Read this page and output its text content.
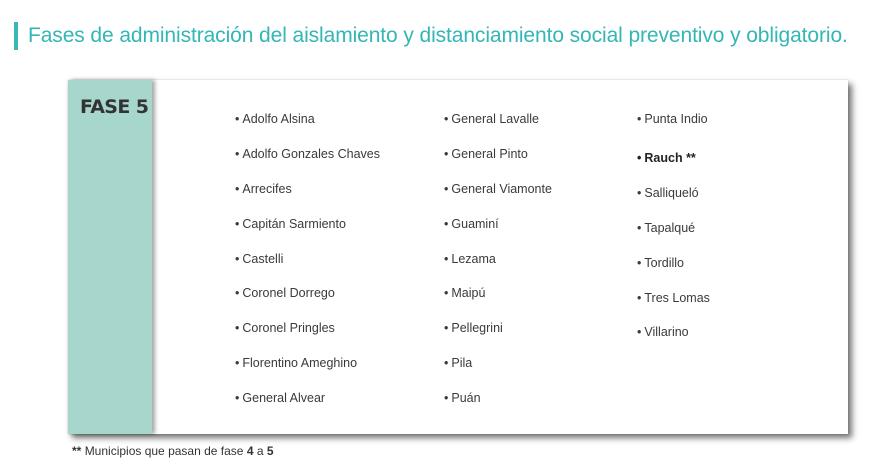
Fases de administración del aislamiento y distanciamiento social preventivo y obligatorio.
FASE 5
• Adolfo Alsina
• Adolfo Gonzales Chaves
• Arrecifes
• Capitán Sarmiento
• Castelli
• Coronel Dorrego
• Coronel Pringles
• Florentino Ameghino
• General Alvear
• General Lavalle
• General Pinto
• General Viamonte
• Guaminí
• Lezama
• Maipú
• Pellegrini
• Pila
• Puán
• Punta Indio
• Rauch **
• Salliqueló
• Tapalqué
• Tordillo
• Tres Lomas
• Villarino
** Municipios que pasan de fase 4 a 5
